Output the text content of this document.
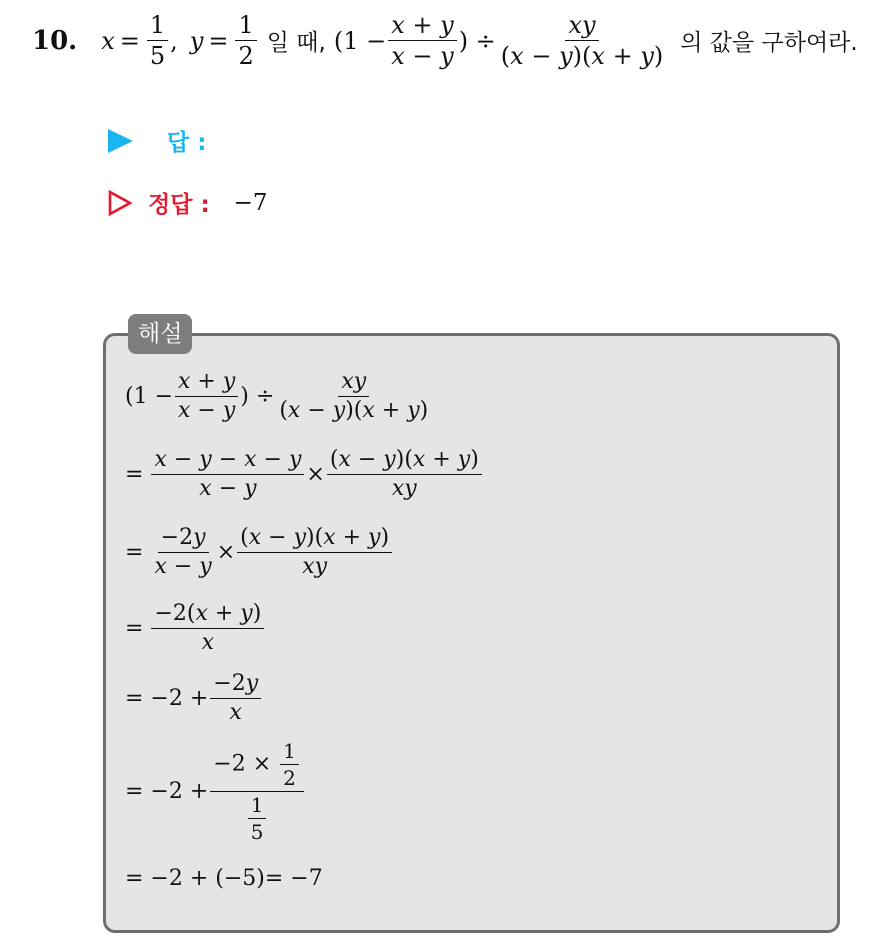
10. $x = \frac{1}{5}$ , $y = \frac{1}{2}$ 일 때, ($1 - \frac{x + y}{x - y}$ ) ÷ $\frac{xy}{(x - y)(x + y)}$ 의 값을 구하여라.
답 :
정답 : −7
해설
($1 - \frac{x + y}{x - y}$ ) ÷ $\frac{xy}{(x - y)(x + y)}$
= $\frac{x - y - x - y}{x - y} \times \frac{(x - y)(x + y)}{xy}$
= $\frac{-2y}{x - y} \times \frac{(x - y)(x + y)}{xy}$
= $\frac{-2(x + y)}{x}$
= $-2 + \frac{-2y}{x}$
= $-2 + \frac{-2 \times \frac{1}{2}}{\frac{1}{5}}$
= −2 + (−5)= −7
